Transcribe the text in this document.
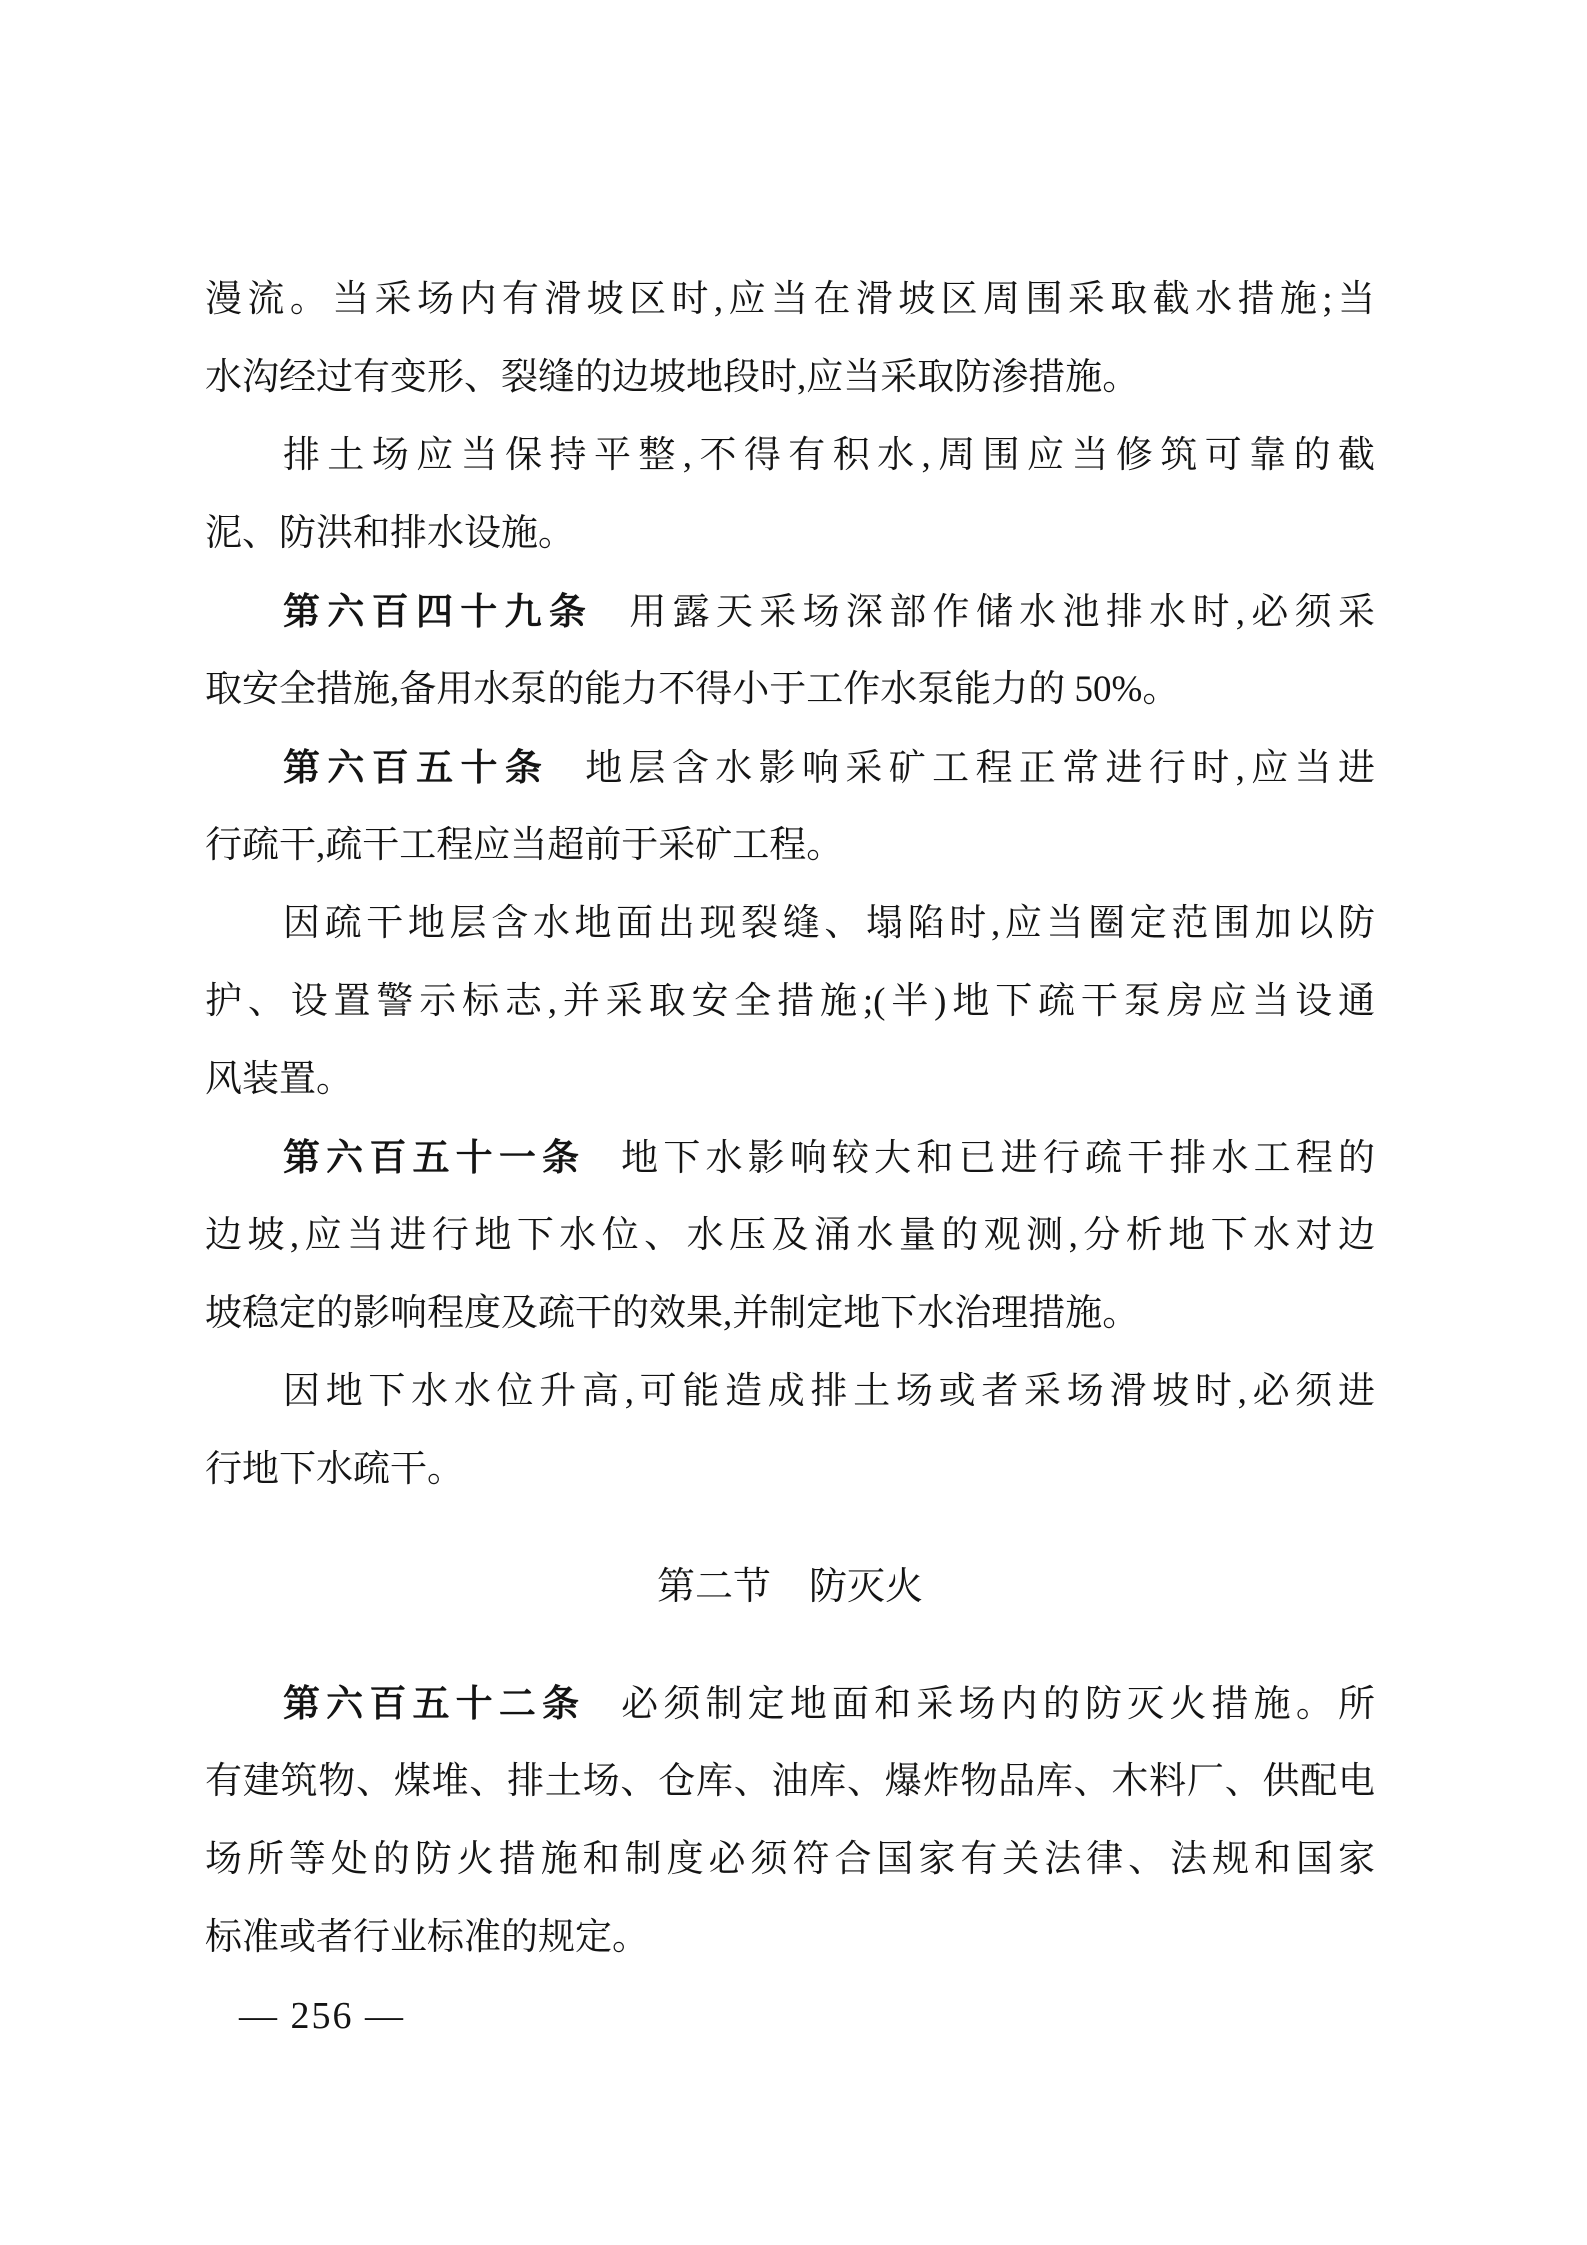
漫流。当采场内有滑坡区时,应当在滑坡区周围采取截水措施;当
水沟经过有变形、裂缝的边坡地段时,应当采取防渗措施。
排土场应当保持平整,不得有积水,周围应当修筑可靠的截
泥、防洪和排水设施。
第六百四十九条 用露天采场深部作储水池排水时,必须采
取安全措施,备用水泵的能力不得小于工作水泵能力的 50%。
第六百五十条 地层含水影响采矿工程正常进行时,应当进
行疏干,疏干工程应当超前于采矿工程。
因疏干地层含水地面出现裂缝、塌陷时,应当圈定范围加以防
护、设置警示标志,并采取安全措施;(半)地下疏干泵房应当设通
风装置。
第六百五十一条 地下水影响较大和已进行疏干排水工程的
边坡,应当进行地下水位、水压及涌水量的观测,分析地下水对边
坡稳定的影响程度及疏干的效果,并制定地下水治理措施。
因地下水水位升高,可能造成排土场或者采场滑坡时,必须进
行地下水疏干。
第二节　防灭火
第六百五十二条 必须制定地面和采场内的防灭火措施。所
有建筑物、煤堆、排土场、仓库、油库、爆炸物品库、木料厂、供配电
场所等处的防火措施和制度必须符合国家有关法律、法规和国家
标准或者行业标准的规定。
— 256 —
